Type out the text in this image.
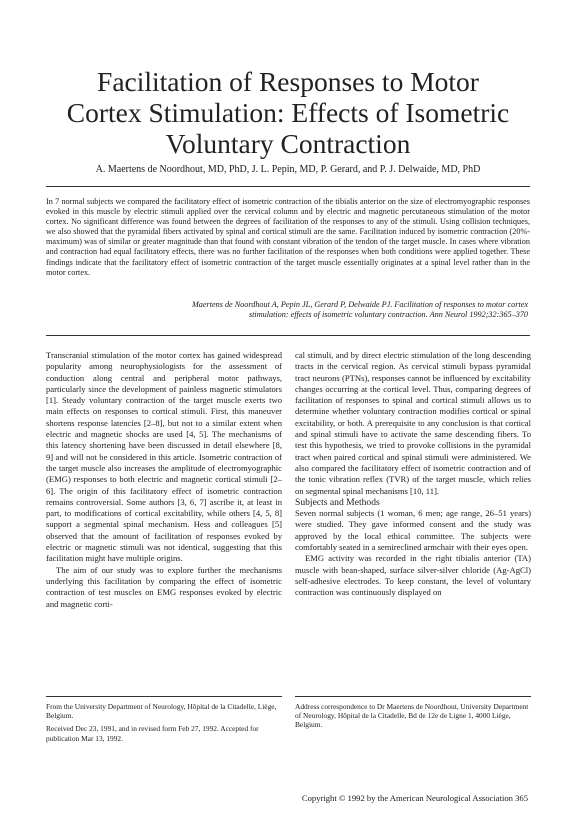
Facilitation of Responses to Motor
Cortex Stimulation: Effects of Isometric
Voluntary Contraction
A. Maertens de Noordhout, MD, PhD, J. L. Pepin, MD, P. Gerard, and P. J. Delwaide, MD, PhD
In 7 normal subjects we compared the facilitatory effect of isometric contraction of the tibialis anterior on the size of electromyographic responses evoked in this muscle by electric stimuli applied over the cervical column and by electric and magnetic percutaneous stimulation of the motor cortex. No significant difference was found between the degrees of facilitation of the responses to any of the stimuli. Using collision techniques, we also showed that the pyramidal fibers activated by spinal and cortical stimuli are the same. Facilitation induced by isometric contraction (20%-maximum) was of similar or greater magnitude than that found with constant vibration of the tendon of the target muscle. In cases where vibration and contraction had equal facilitatory effects, there was no further facilitation of the responses when both conditions were applied together. These findings indicate that the facilitatory effect of isometric contraction of the target muscle essentially originates at a spinal level rather than in the motor cortex.
Maertens de Noordhout A, Pepin JL, Gerard P, Delwaide PJ. Facilitation of responses to motor cortex
stimulation: effects of isometric voluntary contraction. Ann Neurol 1992;32:365–370

Transcranial stimulation of the motor cortex has gained widespread popularity among neurophysiologists for the assessment of conduction along central and peripheral motor pathways, particularly since the development of painless magnetic stimulators [1]. Steady voluntary contraction of the target muscle exerts two main effects on responses to cortical stimuli. First, this maneuver shortens response latencies [2–8], but not to a similar extent when electric and magnetic shocks are used [4, 5]. The mechanisms of this latency shortening have been discussed in detail elsewhere [8, 9] and will not be considered in this article. Isometric contraction of the target muscle also increases the amplitude of electromyographic (EMG) responses to both electric and magnetic cortical stimuli [2–6]. The origin of this facilitatory effect of isometric contraction remains controversial. Some authors [3, 6, 7] ascribe it, at least in part, to modifications of cortical excitability, while others [4, 5, 8] support a segmental spinal mechanism. Hess and colleagues [5] observed that the amount of facilitation of responses evoked by electric or magnetic stimuli was not identical, suggesting that this facilitation might have multiple origins.

The aim of our study was to explore further the mechanisms underlying this facilitation by comparing the effect of isometric contraction of test muscles on EMG responses evoked by electric and magnetic corti-

cal stimuli, and by direct electric stimulation of the long descending tracts in the cervical region. As cervical stimuli bypass pyramidal tract neurons (PTNs), responses cannot be influenced by excitability changes occurring at the cortical level. Thus, comparing degrees of facilitation of responses to spinal and cortical stimuli allows us to determine whether voluntary contraction modifies cortical or spinal excitability, or both. A prerequisite to any conclusion is that cortical and spinal stimuli have to activate the same descending fibers. To test this hypothesis, we tried to provoke collisions in the pyramidal tract when paired cortical and spinal stimuli were administered. We also compared the facilitatory effect of isometric contraction and of the tonic vibration reflex (TVR) of the target muscle, which relies on segmental spinal mechanisms [10, 11].

Subjects and Methods

Seven normal subjects (1 woman, 6 men; age range, 26–51 years) were studied. They gave informed consent and the study was approved by the local ethical committee. The subjects were comfortably seated in a semireclined armchair with their eyes open.

EMG activity was recorded in the right tibialis anterior (TA) muscle with bean-shaped, surface silver-silver chloride (Ag-AgCl) self-adhesive electrodes. To keep constant, the level of voluntary contraction was continuously displayed on

From the University Department of Neurology, Hôpital de la Citadelle, Liège, Belgium.

Received Dec 23, 1991, and in revised form Feb 27, 1992. Accepted for publication Mar 13, 1992.

Address correspondence to Dr Maertens de Noordhout, University Department of Neurology, Hôpital de la Citadelle, Bd de 12e de Ligne 1, 4000 Liège, Belgium.

Copyright © 1992 by the American Neurological Association 365
